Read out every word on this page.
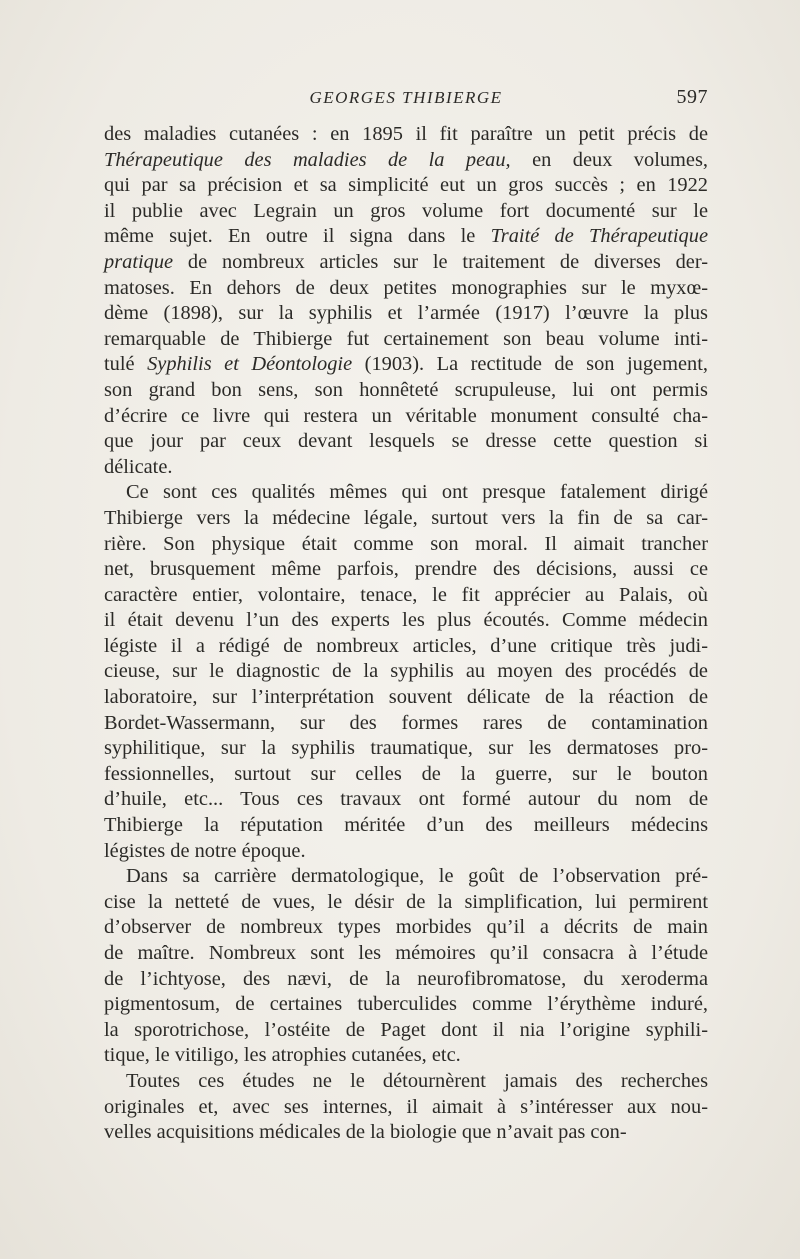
GEORGES THIBIERGE	597
des maladies cutanées : en 1895 il fit paraître un petit précis de
Thérapeutique des maladies de la peau, en deux volumes,
qui par sa précision et sa simplicité eut un gros succès ; en 1922
il publie avec Legrain un gros volume fort documenté sur le
même sujet. En outre il signa dans le Traité de Thérapeutique
pratique de nombreux articles sur le traitement de diverses der-
matoses. En dehors de deux petites monographies sur le myxœ-
dème (1898), sur la syphilis et l’armée (1917) l’œuvre la plus
remarquable de Thibierge fut certainement son beau volume inti-
tulé Syphilis et Déontologie (1903). La rectitude de son jugement,
son grand bon sens, son honnêteté scrupuleuse, lui ont permis
d’écrire ce livre qui restera un véritable monument consulté cha-
que jour par ceux devant lesquels se dresse cette question si
délicate.
Ce sont ces qualités mêmes qui ont presque fatalement dirigé
Thibierge vers la médecine légale, surtout vers la fin de sa car-
rière. Son physique était comme son moral. Il aimait trancher
net, brusquement même parfois, prendre des décisions, aussi ce
caractère entier, volontaire, tenace, le fit apprécier au Palais, où
il était devenu l’un des experts les plus écoutés. Comme médecin
légiste il a rédigé de nombreux articles, d’une critique très judi-
cieuse, sur le diagnostic de la syphilis au moyen des procédés de
laboratoire, sur l’interprétation souvent délicate de la réaction de
Bordet-Wassermann, sur des formes rares de contamination
syphilitique, sur la syphilis traumatique, sur les dermatoses pro-
fessionnelles, surtout sur celles de la guerre, sur le bouton
d’huile, etc... Tous ces travaux ont formé autour du nom de
Thibierge la réputation méritée d’un des meilleurs médecins
légistes de notre époque.
Dans sa carrière dermatologique, le goût de l’observation pré-
cise la netteté de vues, le désir de la simplification, lui permirent
d’observer de nombreux types morbides qu’il a décrits de main
de maître. Nombreux sont les mémoires qu’il consacra à l’étude
de l’ichtyose, des nævi, de la neurofibromatose, du xeroderma
pigmentosum, de certaines tuberculides comme l’érythème induré,
la sporotrichose, l’ostéite de Paget dont il nia l’origine syphili-
tique, le vitiligo, les atrophies cutanées, etc.
Toutes ces études ne le détournèrent jamais des recherches
originales et, avec ses internes, il aimait à s’intéresser aux nou-
velles acquisitions médicales de la biologie que n’avait pas con-
